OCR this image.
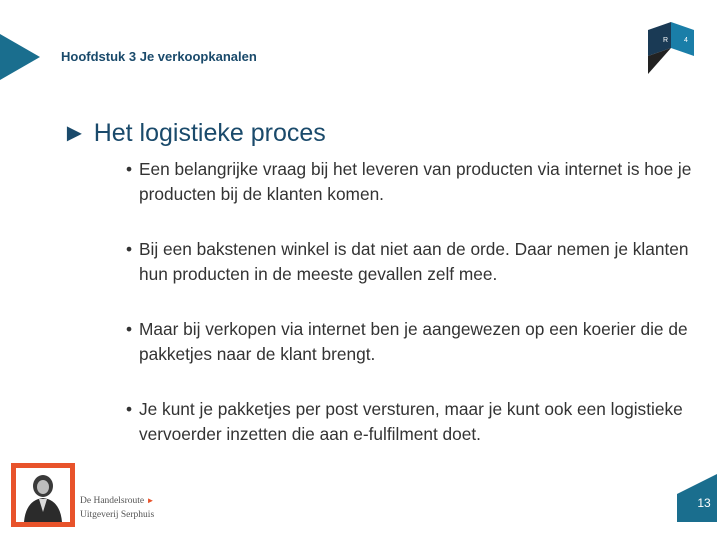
Hoofdstuk 3 Je verkoopkanalen
R 4
► Het logistieke proces
• Een belangrijke vraag bij het leveren van producten via internet is hoe je producten bij de klanten komen.
• Bij een bakstenen winkel is dat niet aan de orde. Daar nemen je klanten hun producten in de meeste gevallen zelf mee.
• Maar bij verkopen via internet ben je aangewezen op een koerier die de pakketjes naar de klant brengt.
• Je kunt je pakketjes per post versturen, maar je kunt ook een logistieke vervoerder inzetten die aan e-fulfilment doet.
De Handelsroute ►
Uitgeverij Serphuis
13
